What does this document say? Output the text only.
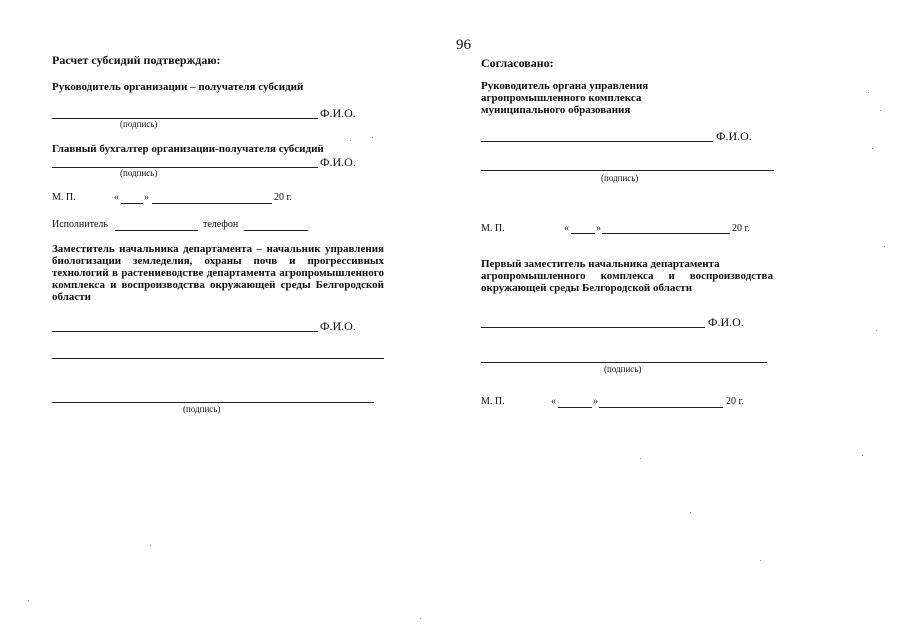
96
Расчет субсидий подтверждаю:
Руководитель организации – получателя субсидий
Ф.И.О.
(подпись)
Главный бухгалтер организации-получателя субсидий
Ф.И.О.
(подпись)
М. П.	«	»	20 г.
Исполнитель	телефон
Заместитель начальника департамента – начальник управления
биологизации земледелия, охраны почв и прогрессивных
технологий в растениеводстве департамента агропромышленного
комплекса и воспроизводства окружающей среды Белгородской
области
Ф.И.О.
(подпись)
Согласовано:
Руководитель органа управления
агропромышленного комплекса
муниципального образования
Ф.И.О.
(подпись)
М. П.	«	»	20 г.
Первый заместитель начальника департамента
агропромышленного комплекса и воспроизводства
окружающей среды Белгородской области
Ф.И.О.
(подпись)
М. П.	«	»	20 г.
